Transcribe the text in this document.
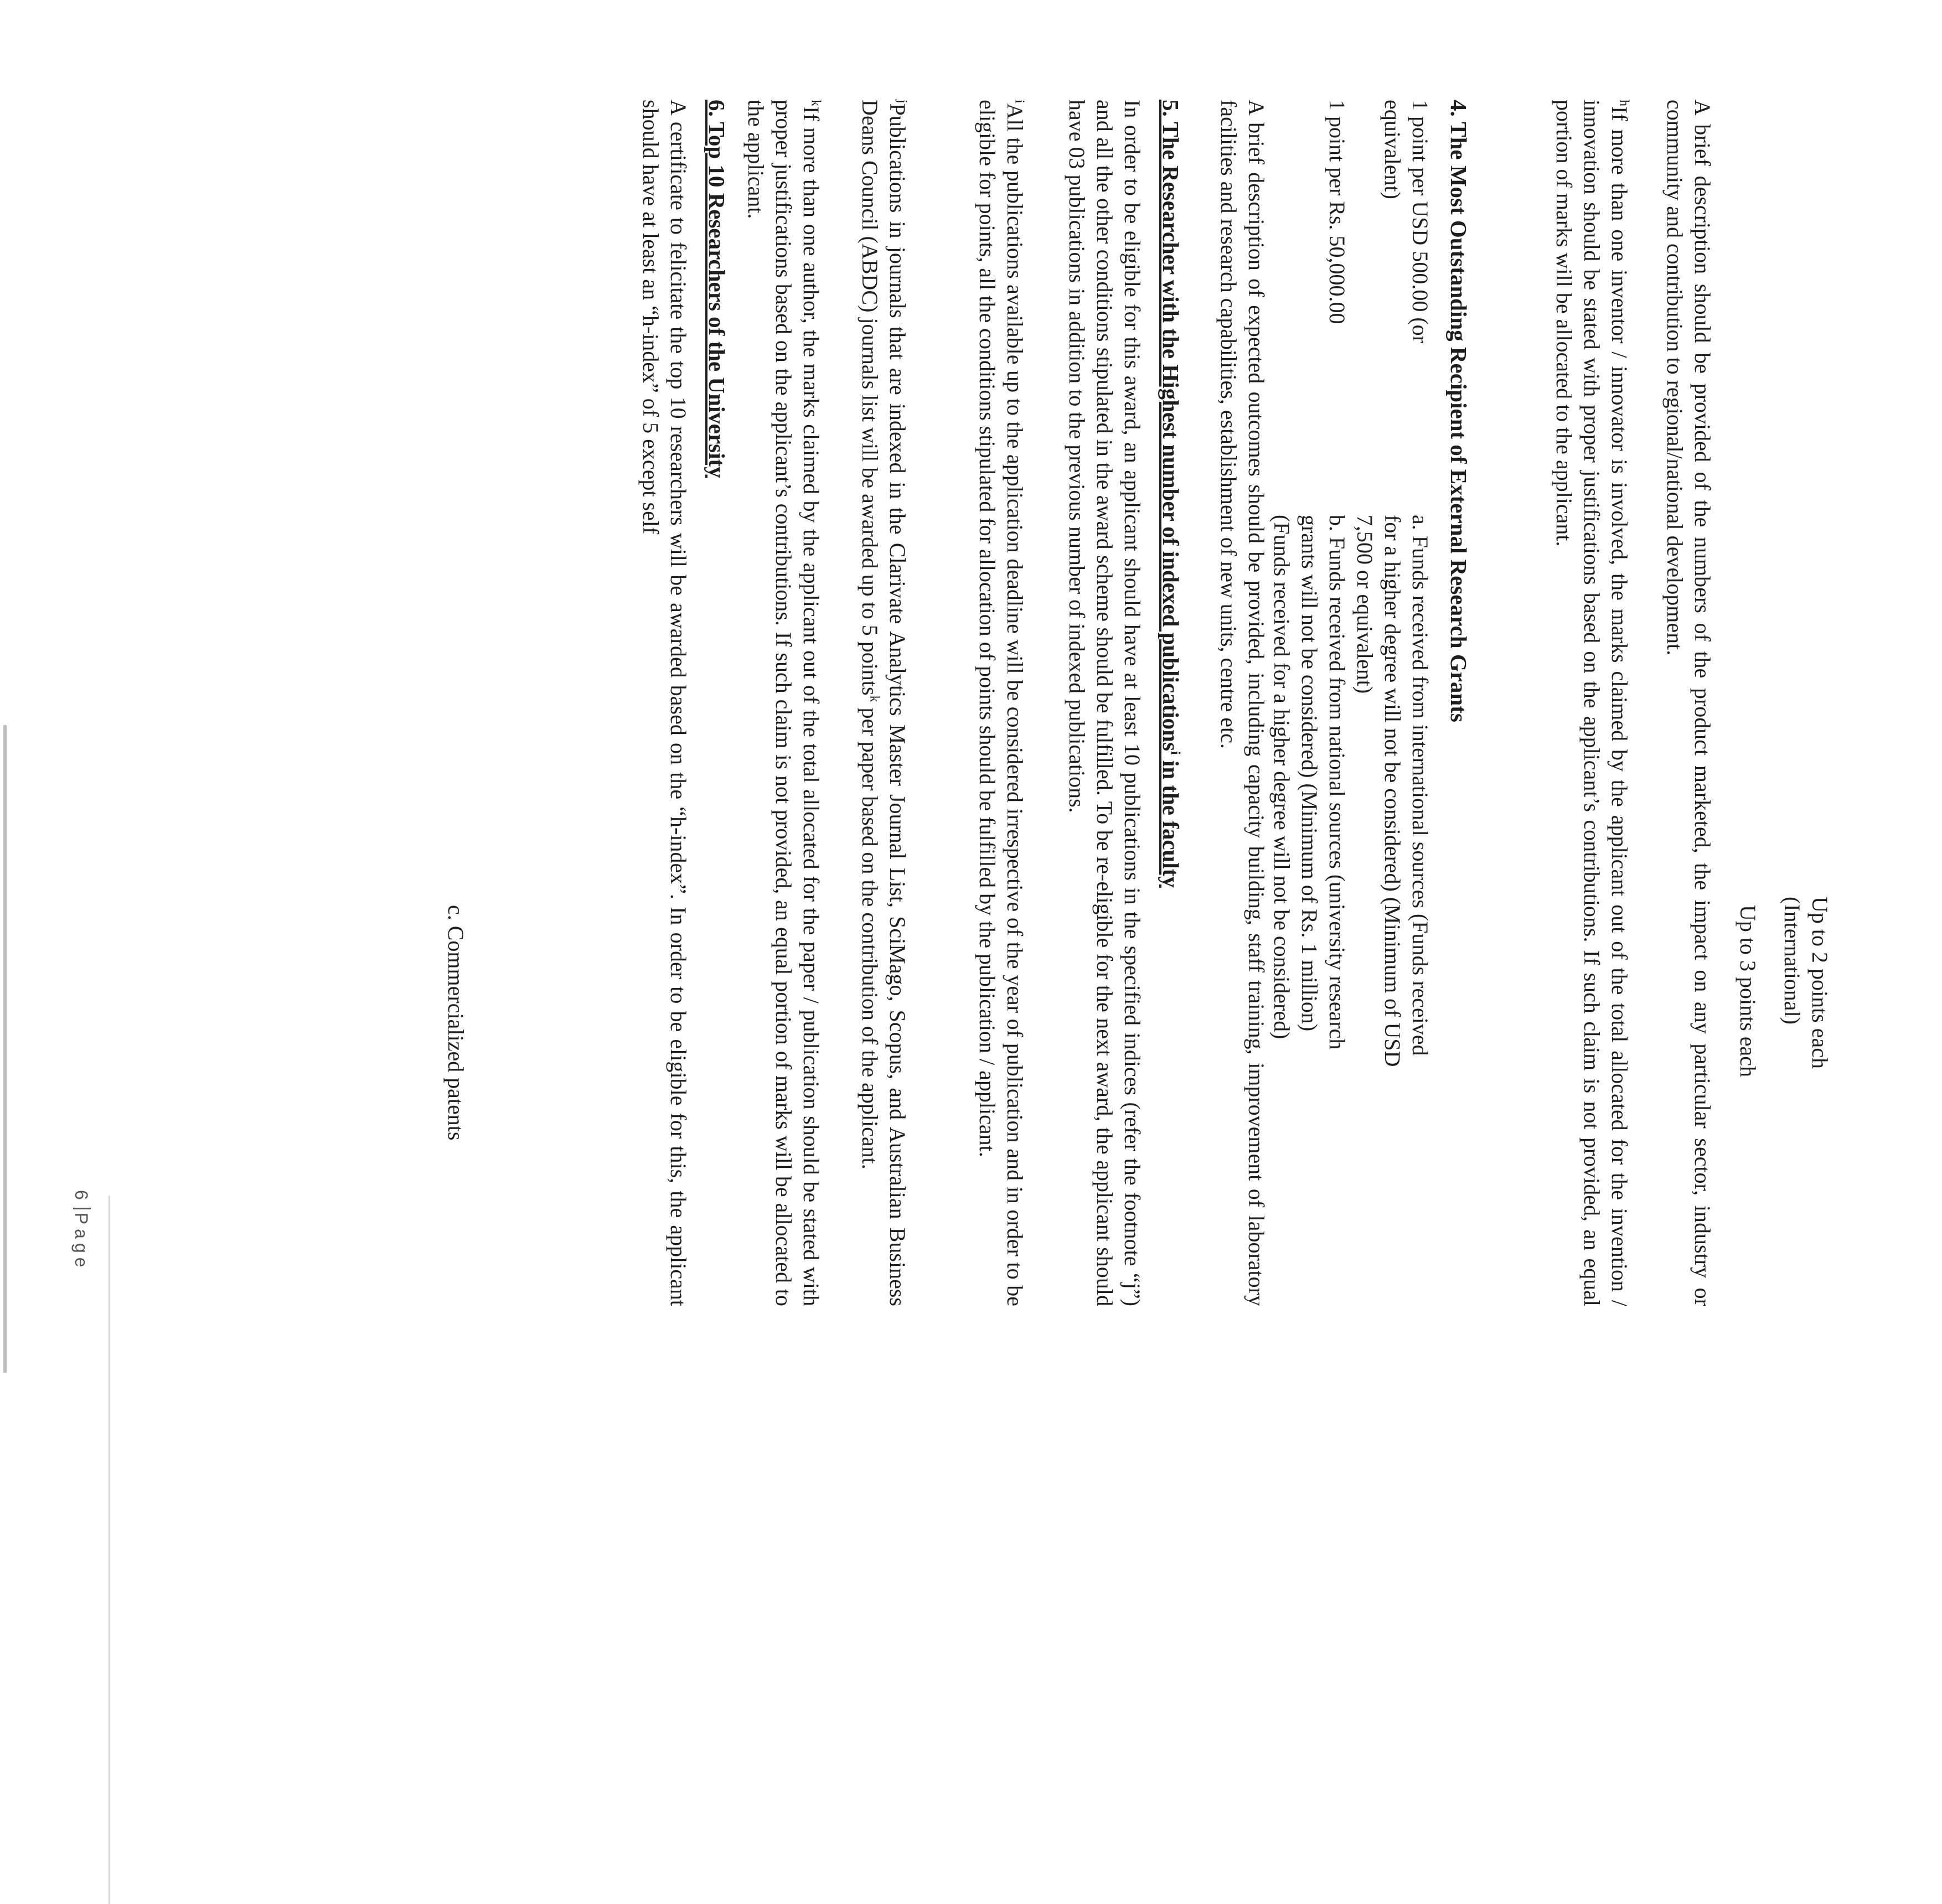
Up to 2 points each
(International)

Up to 3 points each

c. Commercialized patents	A brief description should be provided of the numbers of the product marketed, the impact on any particular sector, industry or community and contribution to regional/national development.

$^h$If more than one inventor / innovator is involved, the marks claimed by the applicant out of the total allocated for the invention / innovation should be stated with proper justifications based on the applicant’s contributions. If such claim is not provided, an equal portion of marks will be allocated to the applicant.

4. The Most Outstanding Recipient of External Research Grants

a. Funds received from international sources (Funds received
for a higher degree will not be considered) (Minimum of USD
7,500 or equivalent)

1 point per USD 500.00 (or
equivalent)

b. Funds received from national sources (university research
grants will not be considered) (Minimum of Rs. 1 million)
(Funds received for a higher degree will not be considered)

1 point per Rs. 50,000.00

A brief description of expected outcomes should be provided, including capacity building, staff training, improvement of laboratory facilities and research capabilities, establishment of new units, centre etc.

5. The Researcher with the Highest number of indexed publications$^i$ in the faculty

In order to be eligible for this award, an applicant should have at least 10 publications in the specified indices (refer the footnote “j”) and all the other conditions stipulated in the award scheme should be fulfilled. To be re-eligible for the next award, the applicant should have 03 publications in addition to the previous number of indexed publications.

$^i$All the publications available up to the application deadline will be considered irrespective of the year of publication and in order to be eligible for points, all the conditions stipulated for allocation of points should be fulfilled by the publication / applicant.

$^j$Publications in journals that are indexed in the Clarivate Analytics Master Journal List, SciMago, Scopus, and Australian Business Deans Council (ABDC) journals list will be awarded up to 5 points$^k$ per paper based on the contribution of the applicant.

$^k$If more than one author, the marks claimed by the applicant out of the total allocated for the paper / publication should be stated with proper justifications based on the applicant’s contributions. If such claim is not provided, an equal portion of marks will be allocated to the applicant.

6. Top 10 Researchers of the University

A certificate to felicitate the top 10 researchers will be awarded based on the “h-index”. In order to be eligible for this, the applicant should have at least an “h-index” of 5 except self

6Page
